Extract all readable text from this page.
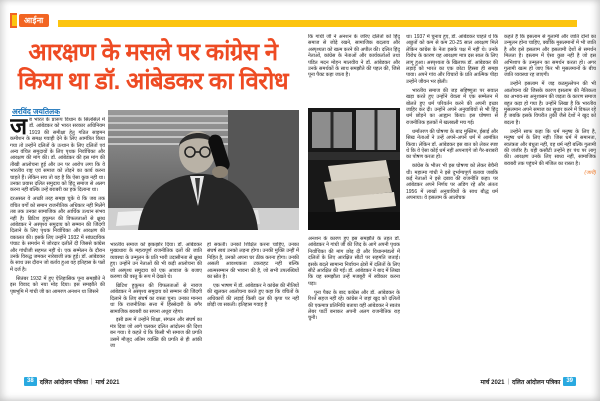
आईना
आरक्षण के मसले पर कांग्रेस ने
किया था डॉ. आंबेडकर का विरोध
अरविंद जयतिलक

जब भारत के प्रारूप विधान के सिलसिले में डॉ. आंबेडकर को भारत सरकार अधिनियम 1919 की समीक्षा हेतु गठित साइमन कमीशन के समक्ष गवाही देने के लिए आमंत्रित किया गया तो उन्होंने दलितों के उत्थान के लिए दलितों एवं अन्य वंचित समुदायों के लिए पृथक निर्वाचिका और आरक्षण की मांग की। डॉ. आंबेडकर की इस मांग की तीखी आलोचना हुई और उन पर आरोप लगा कि वे भारतीय राष्ट्र एवं समाज को तोड़ने का कार्य करना चाहते हैं। लेकिन सच तो यह है कि ऐसा कुछ नहीं था। उनका प्रयास दलित समुदाय को हिंदू समाज से अलग करना नहीं बल्कि उन्हें बराबरी का हक दिलाना था।

दरअसल वे अच्छी तरह समझ चुके थे कि जब तक वंचित वर्गों को समान राजनीतिक अधिकार नहीं मिलेंगे तब तक उनका सामाजिक और आर्थिक उत्थान संभव नहीं है। ब्रिटिश हुकूमत की विफलताओं से क्षुब्ध आंबेडकर ने अस्पृश्य समुदाय को सम्मान की जिंदगी दिलाने के लिए पृथक निर्वाचिका और आरक्षण की वकालत की। इसके लिए उन्होंने 1932 में सांप्रदायिक पंचाट के समर्थन में जोरदार दलीलें दीं जिससे कांग्रेस और गांधीजी सहमत नहीं थे। एक सम्मेलन के दौरान उनके विरुद्ध जमकर नारेबाजी तक हुई। डॉ. आंबेडकर के साथ उस दौरान जो बर्ताव हुआ वह इतिहास के पन्नों में दर्ज है।

सितंबर 1932 में हुए ऐतिहासिक पूना समझौते ने इस विवाद को नया मोड़ दिया। इस समझौते की पृष्ठभूमि में गांधी जी का आमरण अनशन था जिसने

भारतीय समाज को झकझोर दिया। डॉ. आंबेडकर मुख्यधारा के महत्वपूर्ण राजनीतिक दलों की जाति व्यवस्था के उन्मूलन के प्रति भारी उदासीनता से क्षुब्ध हुए। उन्होंने उन नेताओं की भी कड़ी आलोचना की जो अस्पृश्य समुदाय को एक आवाज के बजाए करुणा की वस्तु के रूप में देखते थे।

ब्रिटिश हुकूमत की विफलताओं से नाराज आंबेडकर ने अस्पृश्य समुदाय को सम्मान की जिंदगी दिलाने के लिए संघर्ष का रास्ता चुना। उनका मानना था कि राजनीतिक सत्ता में हिस्सेदारी के बगैर सामाजिक बराबरी का सपना अधूरा रहेगा।

इसी क्रम में उन्होंने शिक्षा, संगठन और संघर्ष का मंत्र दिया जो आगे चलकर दलित आंदोलन की दिशा बन गया। वे कहते थे कि किसी भी समाज की प्रगति उसमें मौजूद अंतिम व्यक्ति की प्रगति से ही आंकी जा

हो सकती। उनको शिक्षित करना चाहिए, उनका संघर्ष स्वयं उनको लड़ना होगा। उनकी मुक्ति उन्हीं में निहित है, उनको अपना घर ठीक करना होगा। उनकी असली आवश्यकता टकराहट नहीं बल्कि आत्मसम्मान की भावना की है, जो सभी उपलब्धियों का स्रोत है।

एक भाषण में डॉ. आंबेडकर ने कांग्रेस की नीतियों की खुलकर आलोचना करते हुए कहा कि वंचितों के अधिकारों की लड़ाई किसी दल की कृपा पर नहीं छोड़ी जा सकती। इतिहास गवाह है

कि गांधी जी ने अनशन के जरिए दलितों को हिंदू समाज से जोड़े रखने, सामाजिक बदलाव और अस्पृश्यता को खत्म करने की अपील की। दलित हिंदू नेताओं, कांग्रेस के नेताओं और कार्यकर्ताओं तथा पंडित मदन मोहन मालवीय ने डॉ. आंबेडकर और उनके समर्थकों के साथ समझौते की पहल की, जिसे पूना पैक्ट कहा जाता है।

अनशन के कारण हुए इस समझौते के तहत डॉ. आंबेडकर ने गांधी जी की जिद के आगे अपनी पृथक निर्वाचिका की मांग छोड़ दी और विधानमंडलों में दलितों के लिए आरक्षित सीटों पर सहमति जताई। इसके बदले सामान्य निर्वाचन क्षेत्रों में दलितों के लिए सीटें आरक्षित की गईं। डॉ. आंबेडकर ने बाद में लिखा कि यह समझौता उन्हें मजबूरी में स्वीकार करना पड़ा।

पूना पैक्ट के बाद कांग्रेस और डॉ. आंबेडकर के रिश्ते सहज नहीं रहे। कांग्रेस ने जहां खुद को दलितों की एकमात्र प्रतिनिधि बताया वहीं आंबेडकर ने स्वतंत्र लेबर पार्टी बनाकर अपनी अलग राजनीतिक राह चुनी।

था। 1937 में चुनाव हुए, डॉ. आंबेडकर चाहते थे कि अछूतों को कम से कम 20-25 साल आरक्षण मिले लेकिन कांग्रेस के नेता इसके पक्ष में नहीं थे। उनके विरोध के कारण यह आरक्षण मात्र दस साल के लिए लागू हुआ। अस्पृश्यता के खिलाफ डॉ. आंबेडकर की लड़ाई को भारत का एक छोटा हिस्सा ही समझ पाया। अपने गांव और विचारों के प्रति आत्मिक पीड़ा उन्होंने जीवन भर झेली।

भारतीय समाज की जड़ सहिष्णुता पर सवाल खड़ा करते हुए उन्होंने येवला में एक सम्मेलन में बोलते हुए धर्म परिवर्तन करने की अपनी इच्छा जाहिर कर दी। उन्होंने अपने अनुयायियों से भी हिंदू धर्म छोड़ने का आह्वान किया। इस घोषणा से राजनीतिक हलकों में खलबली मच गई।

धर्मांतरण की घोषणा के बाद मुस्लिम, ईसाई और सिख नेताओं ने उन्हें अपने-अपने धर्म में आमंत्रित किया। लेकिन डॉ. आंबेडकर इस बात को लेकर स्पष्ट थे कि वे ऐसा कोई धर्म नहीं अपनाएंगे जो गैर-बराबरी का पोषण करता हो।

कांग्रेस के भीतर भी इस घोषणा को लेकर बेचैनी थी। महात्मा गांधी ने इसे दुर्भाग्यपूर्ण बताया जबकि कई नेताओं ने इसे दबाव की राजनीति कहा। पर आंबेडकर अपने निर्णय पर अडिग रहे और अंततः 1956 में लाखों अनुयायियों के साथ बौद्ध धर्म अपनाया। वे इसलाम के आलोचक

कहते हैं कि इसलाम से गुलामी और जाति दोनों का उन्मूलन होना चाहिए, क्योंकि मुसलमानों में भी जाति है और इसे इसलाम और इसलामी देशों से समर्थन मिलता है। इस्लाम में ऐसा कुछ नहीं है जो इस अभिशाप के उन्मूलन का समर्थन करता हो। अगर गुलामी खत्म हो जाए फिर भी मुसलमानों के बीच जाति व्यवस्था रह जाएगी।

उन्होंने इसलाम में जड़ कठमुल्लेपन की भी आलोचना की जिसके कारण इसलाम की नैतिकता का अभाव-सा अनुशासन की जड़ता के कारण समाज बहुत कड़ा हो गया है। उन्होंने लिखा है कि भारतीय मुसलमान अपने समाज का सुधार करने में विफल रहे हैं जबकि इसके विपरीत तुर्की जैसे देशों ने खुद को बदला है।

उन्होंने साफ कहा कि धर्म मनुष्य के लिए है, मनुष्य धर्म के लिए नहीं। जिस धर्म में समानता, स्वतंत्रता और बंधुता नहीं, वह धर्म नहीं बल्कि गुलामी की जंजीर है। यही कसौटी उन्होंने हर पंथ पर लागू की। आरक्षण उनके लिए साध्य नहीं, सामाजिक बराबरी तक पहुंचने की मंजिल का रास्ता है।

(जारी)
38	दलित आंदोलन पत्रिका | मार्च 2021	मार्च 2021 | दलित आंदोलन पत्रिका	39
